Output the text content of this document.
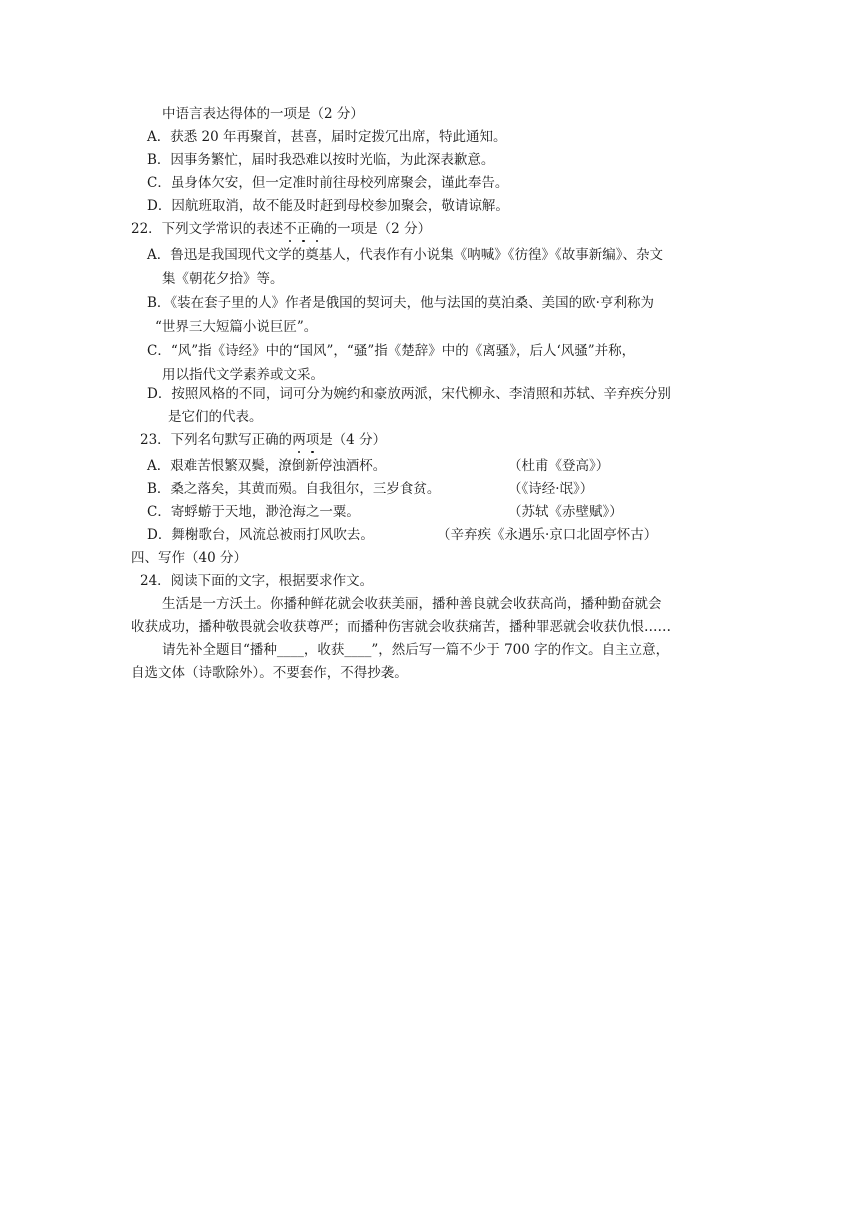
中语言表达得体的一项是（2 分）
A．获悉 20 年再聚首，甚喜，届时定拨冗出席，特此通知。
B．因事务繁忙，届时我恐难以按时光临，为此深表歉意。
C．虽身体欠安，但一定准时前往母校列席聚会，谨此奉告。
D．因航班取消，故不能及时赶到母校参加聚会，敬请谅解。
22．下列文学常识的表述不正确的一项是（2 分）
A．鲁迅是我国现代文学的奠基人，代表作有小说集《呐喊》《彷徨》《故事新编》、杂文
集《朝花夕拾》等。
B．《装在套子里的人》作者是俄国的契诃夫，他与法国的莫泊桑、美国的欧·亨利称为
“世界三大短篇小说巨匠”。
C．“风”指《诗经》中的“国风”，“骚”指《楚辞》中的《离骚》，后人‘风骚”并称，
用以指代文学素养或文采。
D．按照风格的不同，词可分为婉约和豪放两派，宋代柳永、李清照和苏轼、辛弃疾分别
是它们的代表。
23．下列名句默写正确的两项是（4 分）
A．艰难苦恨繁双鬓，潦倒新停浊酒杯。	（杜甫《登高》）
B．桑之落矣，其黄而殒。自我徂尔，三岁食贫。	（《诗经·氓》）
C．寄蜉蝣于天地，渺沧海之一粟。	（苏轼《赤壁赋》）
D．舞榭歌台，风流总被雨打风吹去。	（辛弃疾《永遇乐·京口北固亭怀古）
四、写作（40 分）
24．阅读下面的文字，根据要求作文。
生活是一方沃土。你播种鲜花就会收获美丽，播种善良就会收获高尚，播种勤奋就会
收获成功，播种敬畏就会收获尊严；而播种伤害就会收获痛苦，播种罪恶就会收获仇恨……
请先补全题目“播种____，收获____”，然后写一篇不少于 700 字的作文。自主立意，
自选文体（诗歌除外）。不要套作，不得抄袭。
